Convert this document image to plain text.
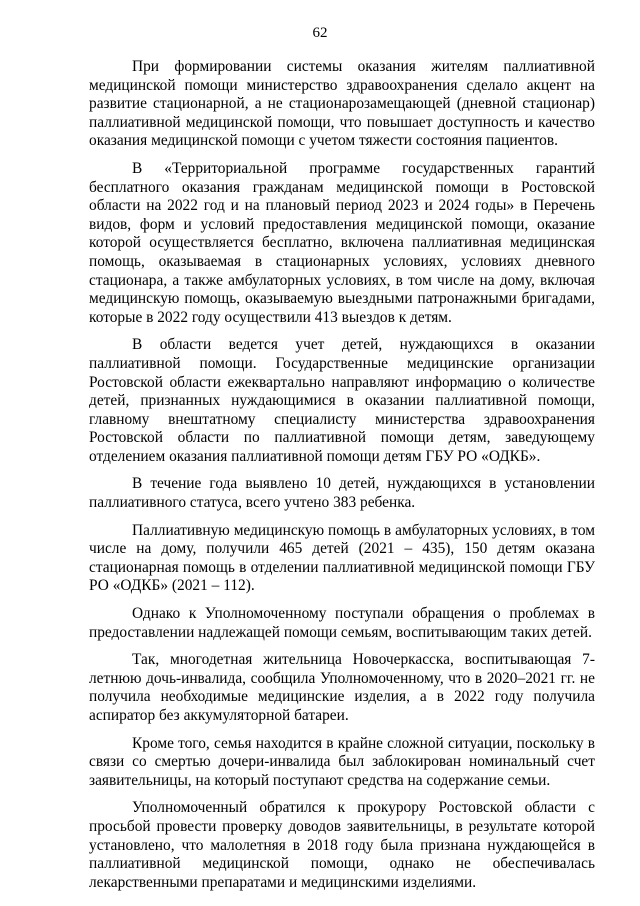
62

При формировании системы оказания жителям паллиативной медицинской помощи министерство здравоохранения сделало акцент на развитие стационарной, а не стационарозамещающей (дневной стационар) паллиативной медицинской помощи, что повышает доступность и качество оказания медицинской помощи с учетом тяжести состояния пациентов.

В «Территориальной программе государственных гарантий бесплатного оказания гражданам медицинской помощи в Ростовской области на 2022 год и на плановый период 2023 и 2024 годы» в Перечень видов, форм и условий предоставления медицинской помощи, оказание которой осуществляется бесплатно, включена паллиативная медицинская помощь, оказываемая в стационарных условиях, условиях дневного стационара, а также амбулаторных условиях, в том числе на дому, включая медицинскую помощь, оказываемую выездными патронажными бригадами, которые в 2022 году осуществили 413 выездов к детям.

В области ведется учет детей, нуждающихся в оказании паллиативной помощи. Государственные медицинские организации Ростовской области ежеквартально направляют информацию о количестве детей, признанных нуждающимися в оказании паллиативной помощи, главному внештатному специалисту министерства здравоохранения Ростовской области по паллиативной помощи детям, заведующему отделением оказания паллиативной помощи детям ГБУ РО «ОДКБ».

В течение года выявлено 10 детей, нуждающихся в установлении паллиативного статуса, всего учтено 383 ребенка.

Паллиативную медицинскую помощь в амбулаторных условиях, в том числе на дому, получили 465 детей (2021 – 435), 150 детям оказана стационарная помощь в отделении паллиативной медицинской помощи ГБУ РО «ОДКБ» (2021 – 112).

Однако к Уполномоченному поступали обращения о проблемах в предоставлении надлежащей помощи семьям, воспитывающим таких детей.

Так, многодетная жительница Новочеркасска, воспитывающая 7-летнюю дочь-инвалида, сообщила Уполномоченному, что в 2020–2021 гг. не получила необходимые медицинские изделия, а в 2022 году получила аспиратор без аккумуляторной батареи.

Кроме того, семья находится в крайне сложной ситуации, поскольку в связи со смертью дочери-инвалида был заблокирован номинальный счет заявительницы, на который поступают средства на содержание семьи.

Уполномоченный обратился к прокурору Ростовской области с просьбой провести проверку доводов заявительницы, в результате которой установлено, что малолетняя в 2018 году была признана нуждающейся в паллиативной медицинской помощи, однако не обеспечивалась лекарственными препаратами и медицинскими изделиями.
